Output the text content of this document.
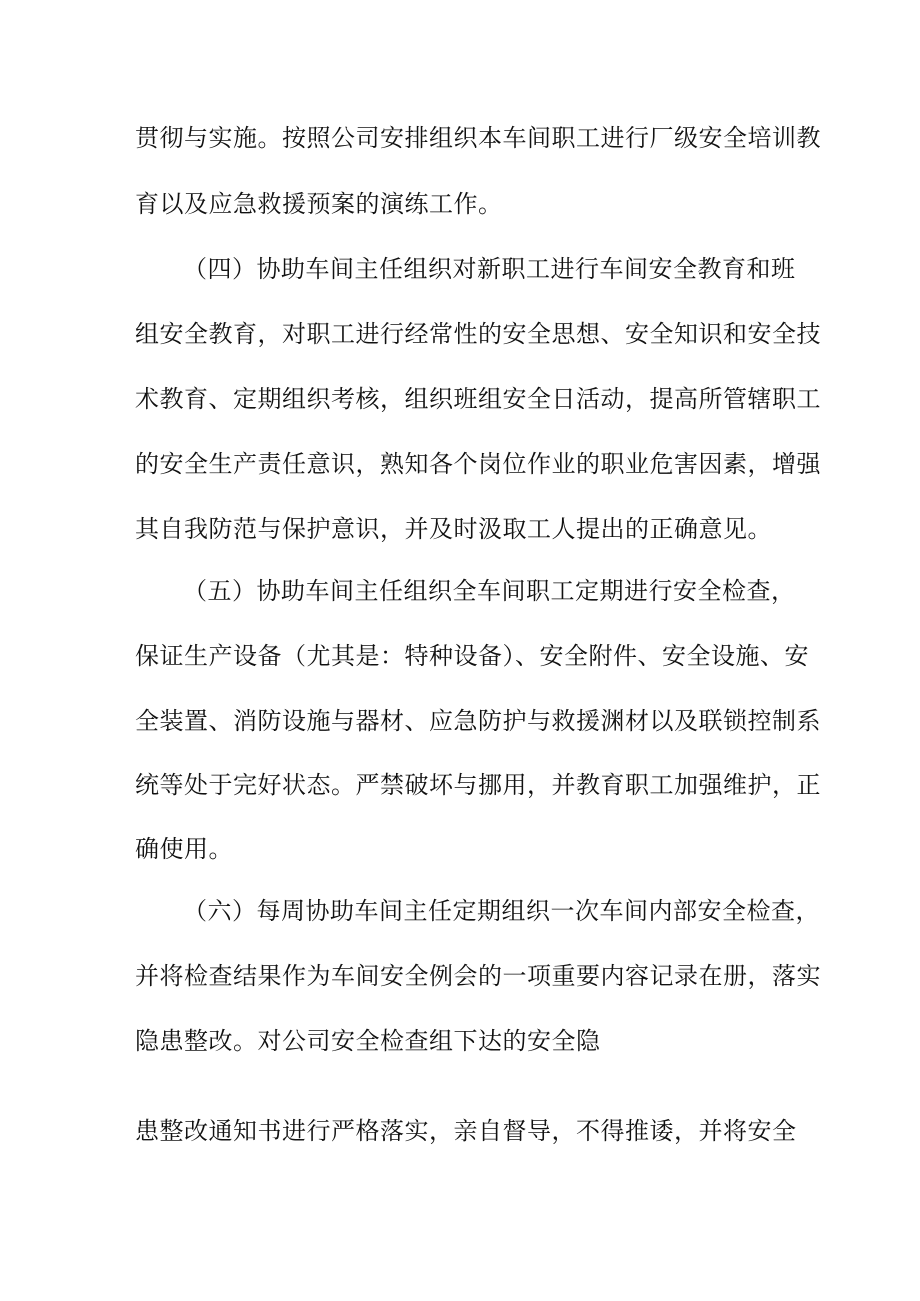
贯彻与实施。按照公司安排组织本车间职工进行厂级安全培训教
育以及应急救援预案的演练工作。
（四）协助车间主任组织对新职工进行车间安全教育和班
组安全教育，对职工进行经常性的安全思想、安全知识和安全技
术教育、定期组织考核，组织班组安全日活动，提高所管辖职工
的安全生产责任意识，熟知各个岗位作业的职业危害因素，增强
其自我防范与保护意识，并及时汲取工人提出的正确意见。
（五）协助车间主任组织全车间职工定期进行安全检查，
保证生产设备（尤其是：特种设备）、安全附件、安全设施、安
全装置、消防设施与器材、应急防护与救援渊材以及联锁控制系
统等处于完好状态。严禁破坏与挪用，并教育职工加强维护，正
确使用。
（六）每周协助车间主任定期组织一次车间内部安全检查，
并将检查结果作为车间安全例会的一项重要内容记录在册，落实
隐患整改。对公司安全检查组下达的安全隐
患整改通知书进行严格落实，亲自督导，不得推诿，并将安全
